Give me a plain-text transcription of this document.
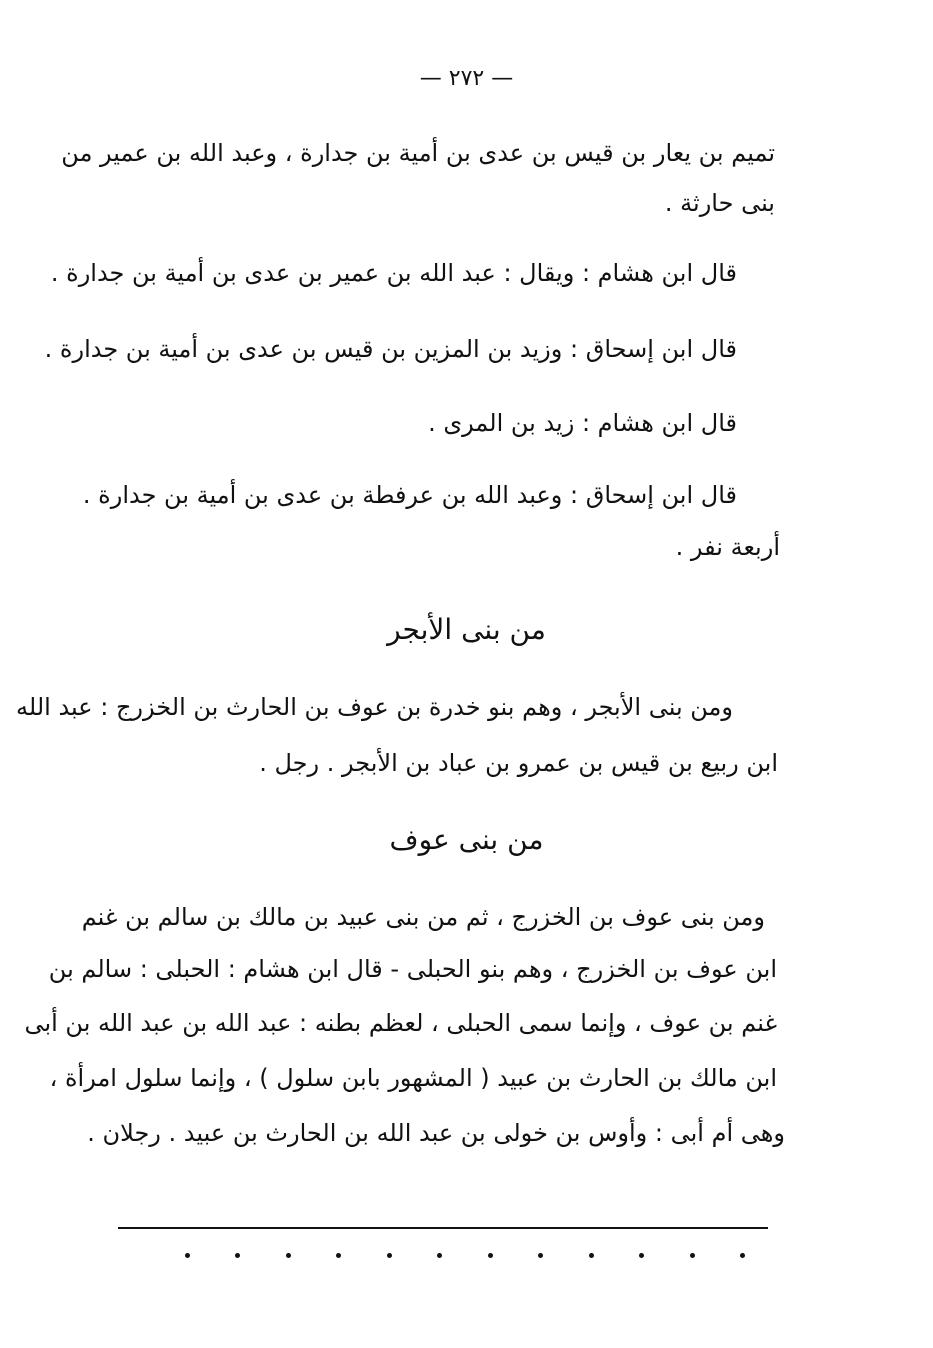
— ٢٧٢ —
تميم بن يعار بن قيس بن عدى بن أمية بن جدارة ، وعبد الله بن عمير من
بنى حارثة .
قال ابن هشام : ويقال : عبد الله بن عمير بن عدى بن أمية بن جدارة .
قال ابن إسحاق : وزيد بن المزين بن قيس بن عدى بن أمية بن جدارة .
قال ابن هشام : زيد بن المرى .
قال ابن إسحاق : وعبد الله بن عرفطة بن عدى بن أمية بن جدارة .
أربعة نفر .
من بنى الأبجر
ومن بنى الأبجر ، وهم بنو خدرة بن عوف بن الحارث بن الخزرج : عبد الله
ابن ربيع بن قيس بن عمرو بن عباد بن الأبجر . رجل .
من بنى عوف
ومن بنى عوف بن الخزرج ، ثم من بنى عبيد بن مالك بن سالم بن غنم
ابن عوف بن الخزرج ، وهم بنو الحبلى - قال ابن هشام : الحبلى : سالم بن
غنم بن عوف ، وإنما سمى الحبلى ، لعظم بطنه : عبد الله بن عبد الله بن أبى
ابن مالك بن الحارث بن عبيد ( المشهور بابن سلول ) ، وإنما سلول امرأة ،
وهى أم أبى : وأوس بن خولى بن عبد الله بن الحارث بن عبيد . رجلان .
